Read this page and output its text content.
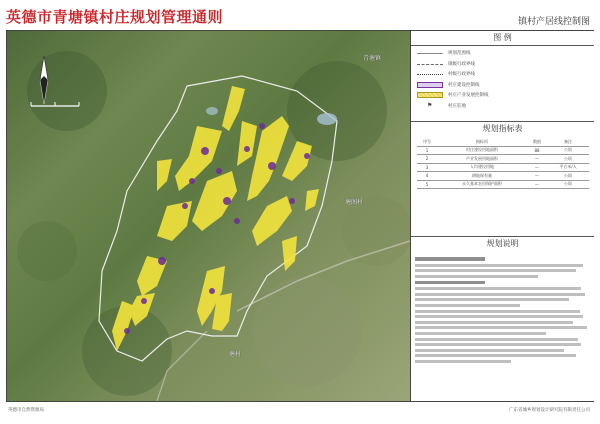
英德市青塘镇村庄规划管理通则	镇村产居线控制图
青塘镇
塘阁村
塘村
图 例
规划范围线
镇级行政界线
村级行政界线
村庄建设控制线
村庄产业发展控制线
⚑	村庄驻地
规划指标表
序号	指标项	数值	备注
1	村庄建设用地面积	88	公顷
2	产业发展用地面积	—	公顷
3	人均建设用地	—	平方米/人
4	耕地保有量	—	公顷
5	永久基本农田保护面积	—	公顷
规划说明
英德市自然资源局	广东省城乡规划设计研究院有限责任公司
